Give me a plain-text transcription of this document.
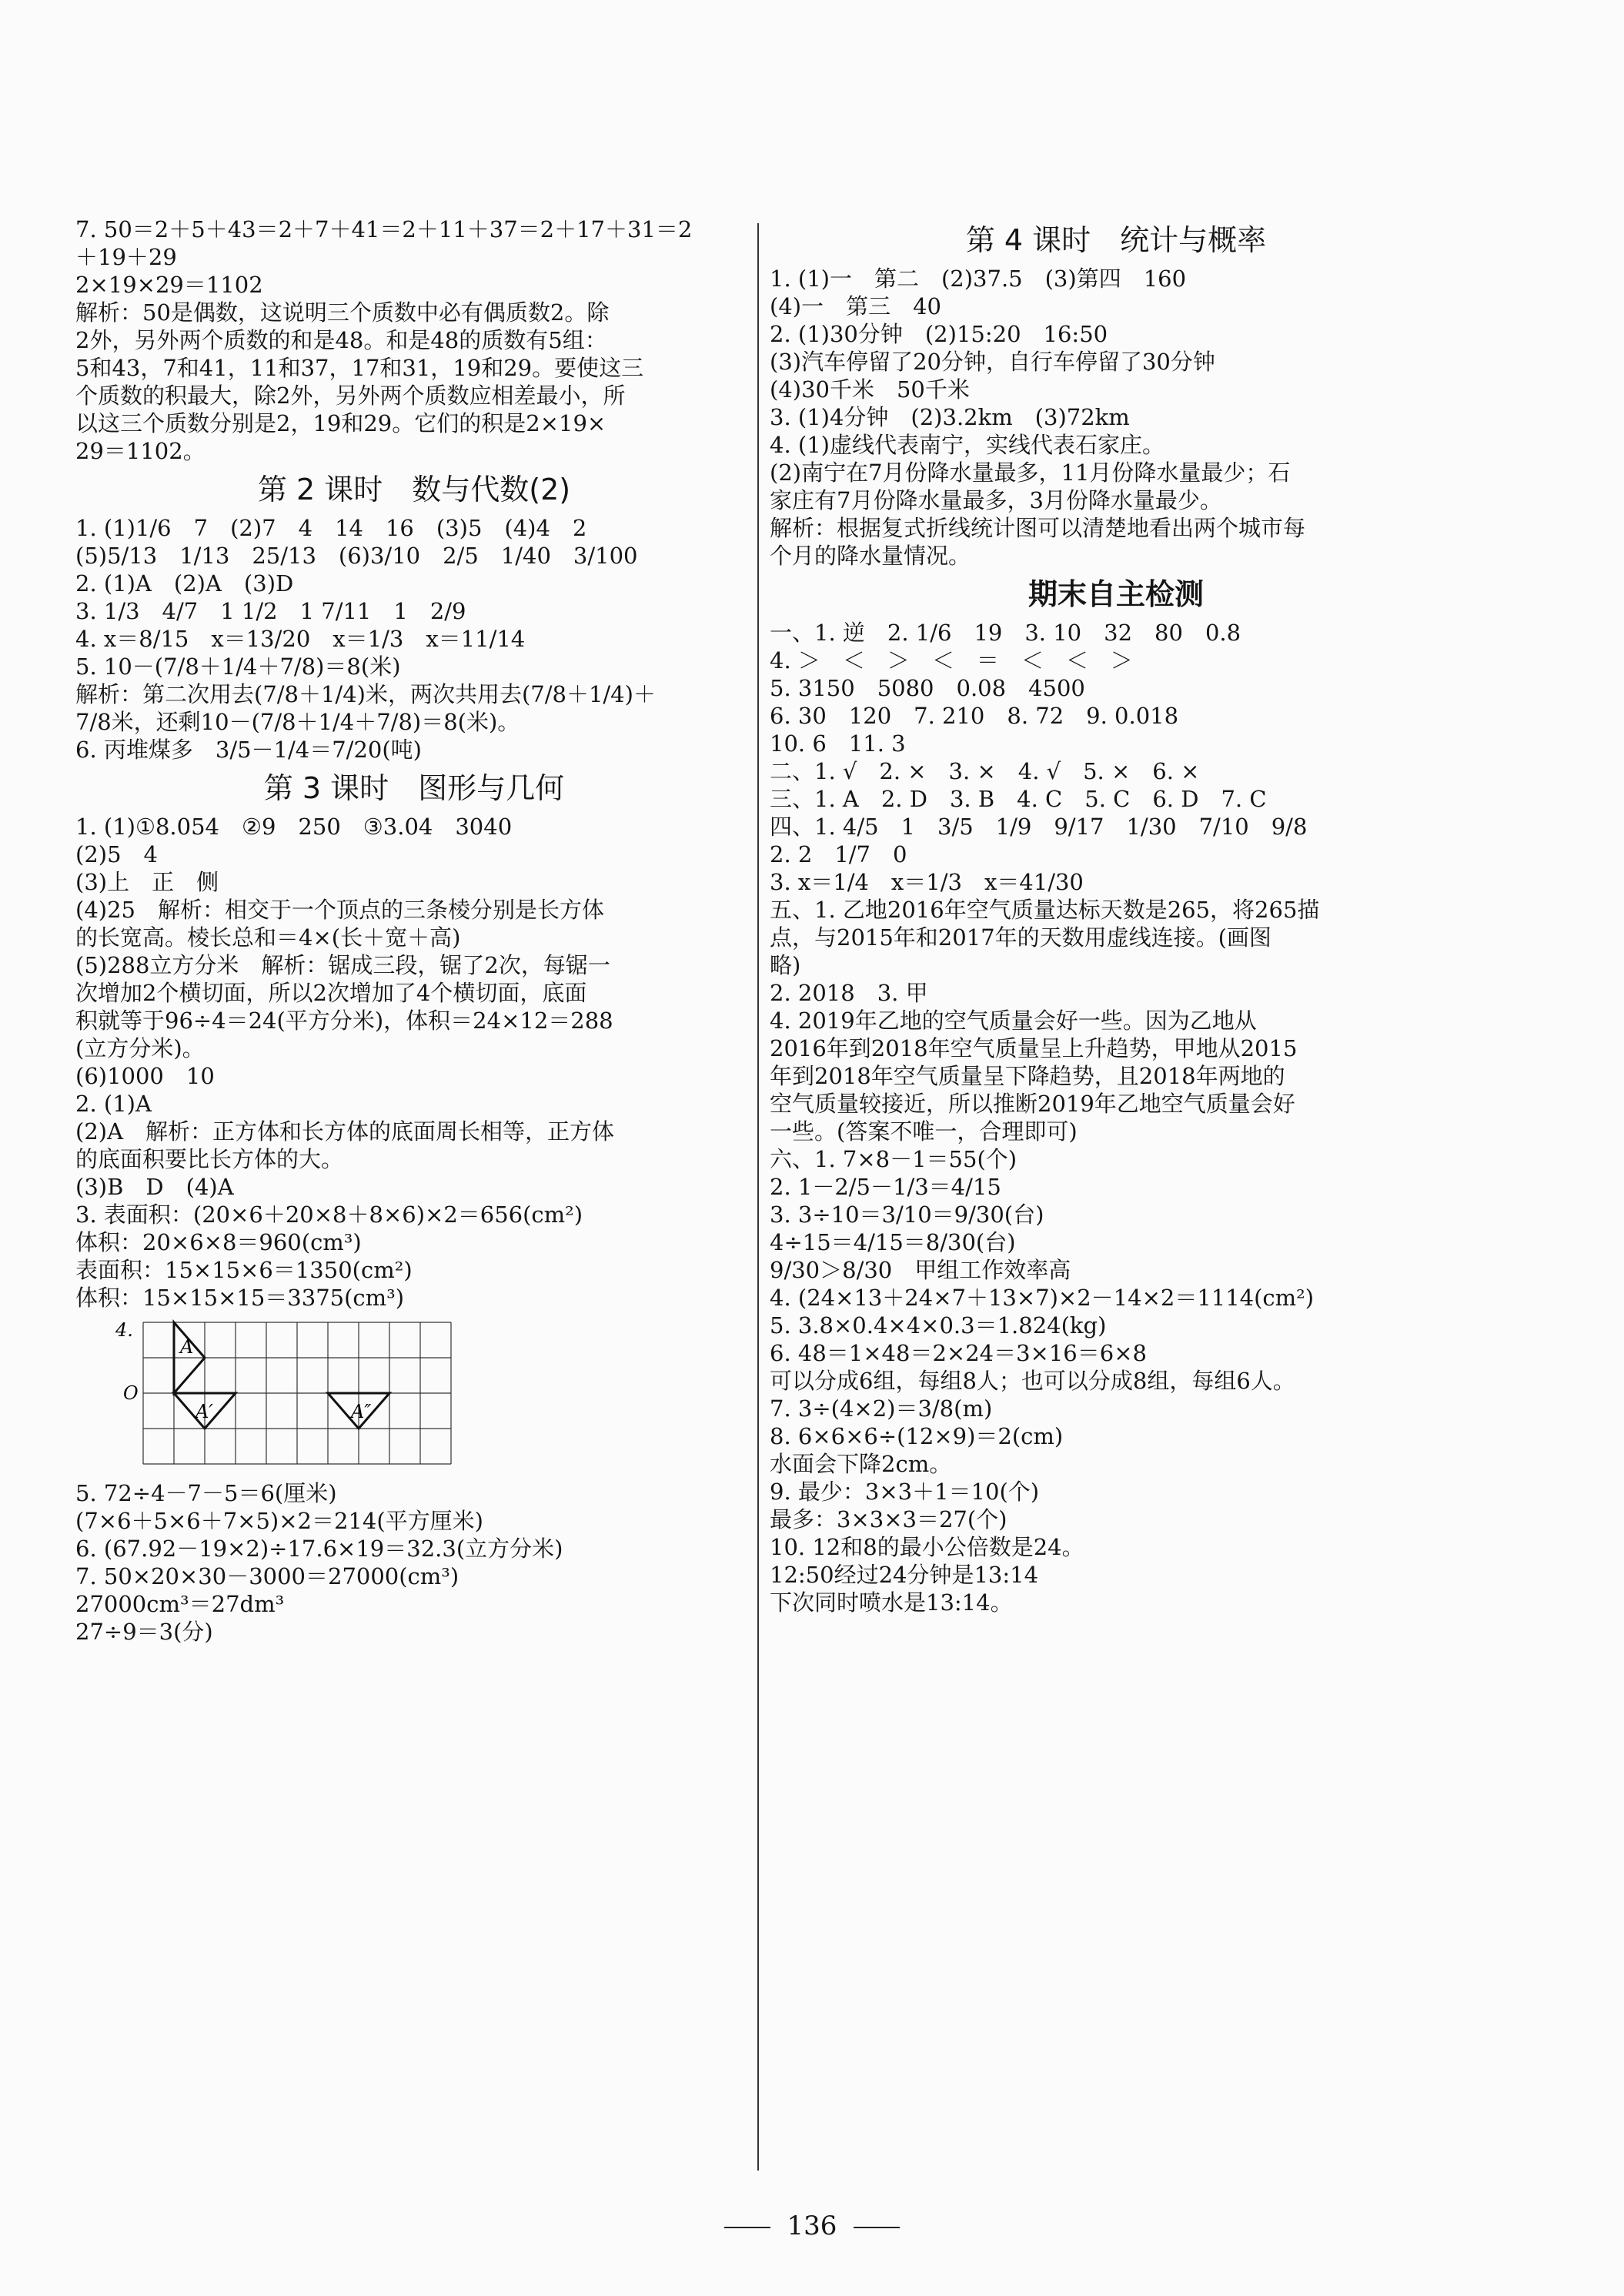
7. 50＝2＋5＋43＝2＋7＋41＝2＋11＋37＝2＋17＋31＝2
＋19＋29
2×19×29＝1102
解析：50是偶数，这说明三个质数中必有偶质数2。除
2外，另外两个质数的和是48。和是48的质数有5组：
5和43，7和41，11和37，17和31，19和29。要使这三
个质数的积最大，除2外，另外两个质数应相差最小，所
以这三个质数分别是2，19和29。它们的积是2×19×
29＝1102。
第 2 课时　数与代数(2)
1. (1)1/6　7　(2)7　4　14　16　(3)5　(4)4　2
(5)5/13　1/13　25/13　(6)3/10　2/5　1/40　3/100
2. (1)A　(2)A　(3)D
3. 1/3　4/7　1 1/2　1 7/11　1　2/9
4. x＝8/15　x＝13/20　x＝1/3　x＝11/14
5. 10－(7/8＋1/4＋7/8)＝8(米)
解析：第二次用去(7/8＋1/4)米，两次共用去(7/8＋1/4)＋
7/8米，还剩10－(7/8＋1/4＋7/8)＝8(米)。
6. 丙堆煤多　3/5－1/4＝7/20(吨)
第 3 课时　图形与几何
1. (1)①8.054　②9　250　③3.04　3040
(2)5　4
(3)上　正　侧
(4)25　解析：相交于一个顶点的三条棱分别是长方体
的长宽高。棱长总和＝4×(长＋宽＋高)
(5)288立方分米　解析：锯成三段，锯了2次，每锯一
次增加2个横切面，所以2次增加了4个横切面，底面
积就等于96÷4＝24(平方分米)，体积＝24×12＝288
(立方分米)。
(6)1000　10
2. (1)A
(2)A　解析：正方体和长方体的底面周长相等，正方体
的底面积要比长方体的大。
(3)B　D　(4)A
3. 表面积：(20×6＋20×8＋8×6)×2＝656(cm²)
体积：20×6×8＝960(cm³)
表面积：15×15×6＝1350(cm²)
体积：15×15×15＝3375(cm³)
A
A′	A″
O
4.
5. 72÷4－7－5＝6(厘米)
(7×6＋5×6＋7×5)×2＝214(平方厘米)
6. (67.92－19×2)÷17.6×19＝32.3(立方分米)
7. 50×20×30－3000＝27000(cm³)
27000cm³＝27dm³
27÷9＝3(分)
第 4 课时　统计与概率
1. (1)一　第二　(2)37.5　(3)第四　160
(4)一　第三　40
2. (1)30分钟　(2)15:20　16:50
(3)汽车停留了20分钟，自行车停留了30分钟
(4)30千米　50千米
3. (1)4分钟　(2)3.2km　(3)72km
4. (1)虚线代表南宁，实线代表石家庄。
(2)南宁在7月份降水量最多，11月份降水量最少；石
家庄有7月份降水量最多，3月份降水量最少。
解析：根据复式折线统计图可以清楚地看出两个城市每
个月的降水量情况。
期末自主检测
一、1. 逆　2. 1/6　19　3. 10　32　80　0.8
4. ＞　＜　＞　＜　＝　＜　＜　＞
5. 3150　5080　0.08　4500
6. 30　120　7. 210　8. 72　9. 0.018
10. 6　11. 3
二、1. √　2. ×　3. ×　4. √　5. ×　6. ×
三、1. A　2. D　3. B　4. C　5. C　6. D　7. C
四、1. 4/5　1　3/5　1/9　9/17　1/30　7/10　9/8
2. 2　1/7　0
3. x＝1/4　x＝1/3　x＝41/30
五、1. 乙地2016年空气质量达标天数是265，将265描
点，与2015年和2017年的天数用虚线连接。(画图
略)
2. 2018　3. 甲
4. 2019年乙地的空气质量会好一些。因为乙地从
2016年到2018年空气质量呈上升趋势，甲地从2015
年到2018年空气质量呈下降趋势，且2018年两地的
空气质量较接近，所以推断2019年乙地空气质量会好
一些。(答案不唯一，合理即可)
六、1. 7×8－1＝55(个)
2. 1－2/5－1/3＝4/15
3. 3÷10＝3/10＝9/30(台)
4÷15＝4/15＝8/30(台)
9/30＞8/30　甲组工作效率高
4. (24×13＋24×7＋13×7)×2－14×2＝1114(cm²)
5. 3.8×0.4×4×0.3＝1.824(kg)
6. 48＝1×48＝2×24＝3×16＝6×8
可以分成6组，每组8人；也可以分成8组，每组6人。
7. 3÷(4×2)＝3/8(m)
8. 6×6×6÷(12×9)＝2(cm)
水面会下降2cm。
9. 最少：3×3＋1＝10(个)
最多：3×3×3＝27(个)
10. 12和8的最小公倍数是24。
12:50经过24分钟是13:14
下次同时喷水是13:14。
136
